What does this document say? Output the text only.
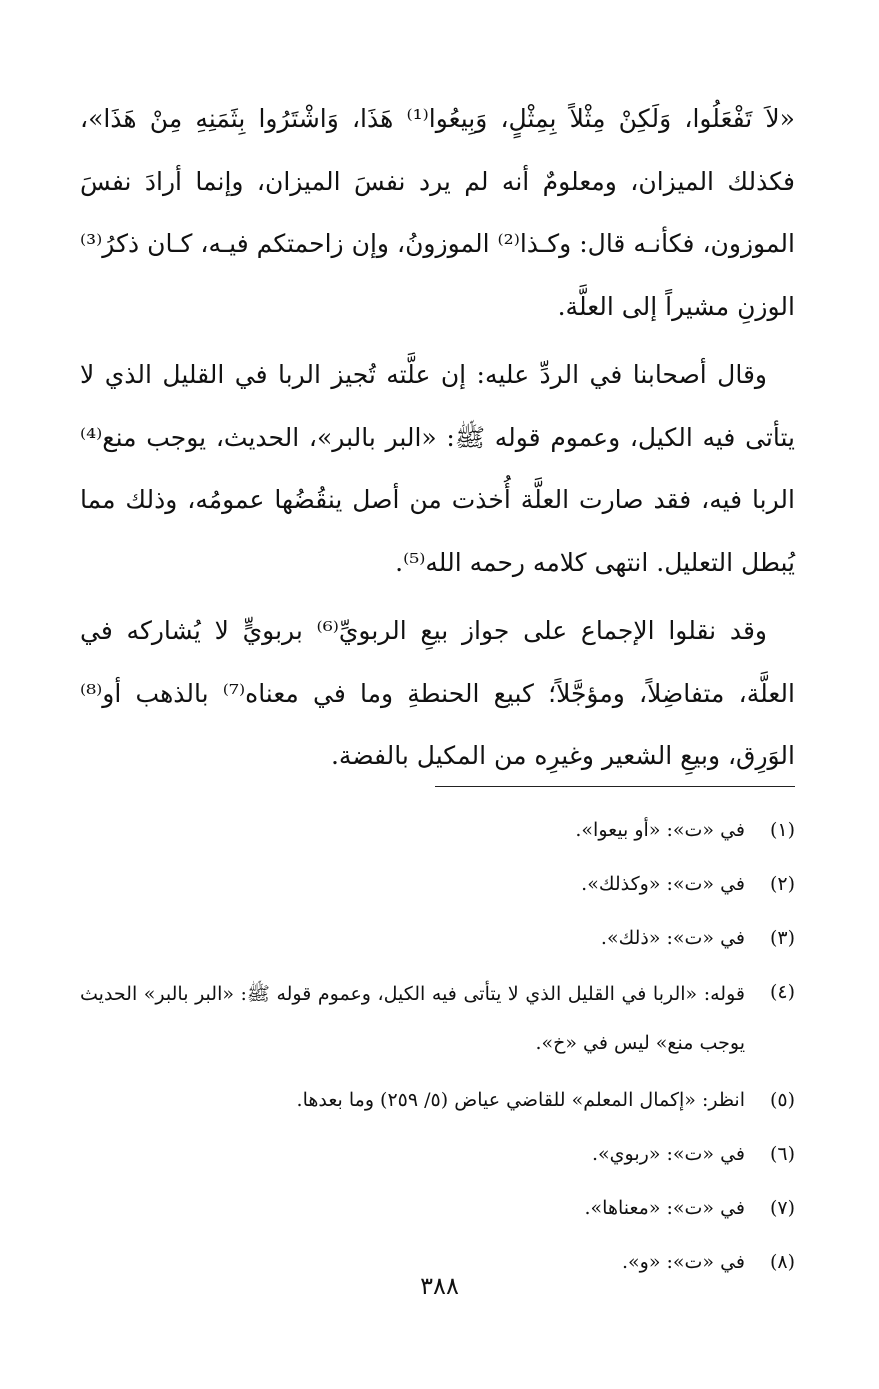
«لاَ تَفْعَلُوا، وَلَكِنْ مِثْلاً بِمِثْلٍ، وَبِيعُوا⁽¹⁾ هَذَا، وَاشْتَرُوا بِثَمَنِهِ مِنْ هَذَا»، فكذلك الميزان، ومعلومٌ أنه لم يرد نفسَ الميزان، وإنما أرادَ نفسَ الموزون، فكأنـه قال: وكـذا⁽²⁾ الموزونُ، وإن زاحمتكم فيـه، كـان ذكرُ⁽³⁾ الوزنِ مشيراً إلى العلَّة.

وقال أصحابنا في الردِّ عليه: إن علَّته تُجيز الربا في القليل الذي لا يتأتى فيه الكيل، وعموم قوله ﷺ: «البر بالبر»، الحديث، يوجب منع⁽⁴⁾ الربا فيه، فقد صارت العلَّة أُخذت من أصل ينقُضُها عمومُه، وذلك مما يُبطل التعليل. انتهى كلامه رحمه الله⁽⁵⁾.

وقد نقلوا الإجماع على جواز بيعِ الربويِّ⁽⁶⁾ بربويٍّ لا يُشاركه في العلَّة، متفاضِلاً، ومؤجَّلاً؛ كبيع الحنطةِ وما في معناه⁽⁷⁾ بالذهب أو⁽⁸⁾ الوَرِق، وبيعِ الشعير وغيرِه من المكيل بالفضة.

(١)
في «ت»: «أو بيعوا».
(٢)
في «ت»: «وكذلك».
(٣)
في «ت»: «ذلك».
(٤)
قوله: «الربا في القليل الذي لا يتأتى فيه الكيل، وعموم قوله ﷺ: «البر بالبر» الحديث يوجب منع» ليس في «خ».
(٥)
انظر: «إكمال المعلم» للقاضي عياض (٥/ ٢٥٩) وما بعدها.
(٦)
في «ت»: «ربوي».
(٧)
في «ت»: «معناها».
(٨)
في «ت»: «و».
٣٨٨
